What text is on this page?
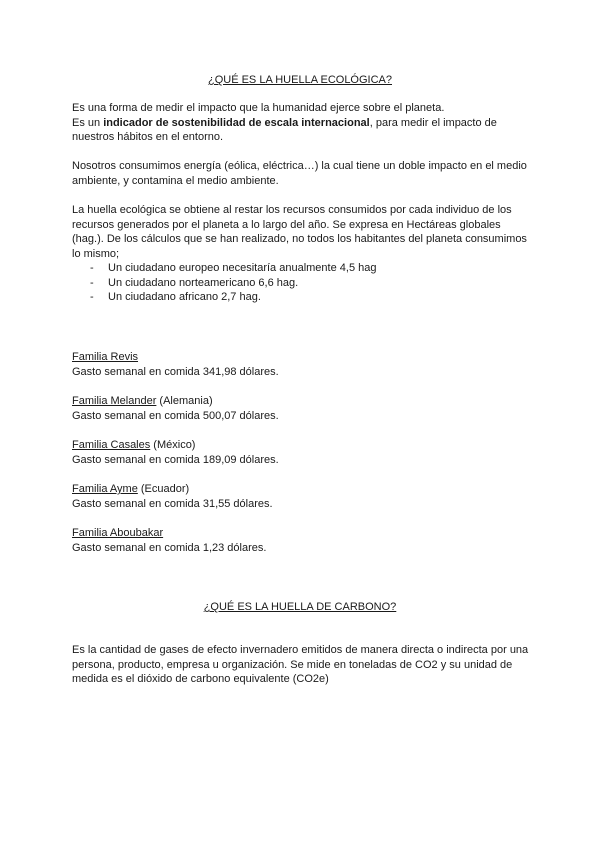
¿QUÉ ES LA HUELLA ECOLÓGICA?

Es una forma de medir el impacto que la humanidad ejerce sobre el planeta.

Es un indicador de sostenibilidad de escala internacional, para medir el impacto de nuestros hábitos en el entorno.

Nosotros consumimos energía (eólica, eléctrica…) la cual tiene un doble impacto en el medio ambiente, y contamina el medio ambiente.

La huella ecológica se obtiene al restar los recursos consumidos por cada individuo de los recursos generados por el planeta a lo largo del año. Se expresa en Hectáreas globales (hag.). De los cálculos que se han realizado, no todos los habitantes del planeta consumimos lo mismo;

- Un ciudadano europeo necesitaría anualmente 4,5 hag
- Un ciudadano norteamericano 6,6 hag.
- Un ciudadano africano 2,7 hag.

Familia Revis

Gasto semanal en comida 341,98 dólares.

Familia Melander (Alemania)

Gasto semanal en comida 500,07 dólares.

Familia Casales (México)

Gasto semanal en comida 189,09 dólares.

Familia Ayme (Ecuador)

Gasto semanal en comida 31,55 dólares.

Familia Aboubakar

Gasto semanal en comida 1,23 dólares.

¿QUÉ ES LA HUELLA DE CARBONO?

Es la cantidad de gases de efecto invernadero emitidos de manera directa o indirecta por una persona, producto, empresa u organización. Se mide en toneladas de CO2 y su unidad de medida es el dióxido de carbono equivalente (CO2e)
